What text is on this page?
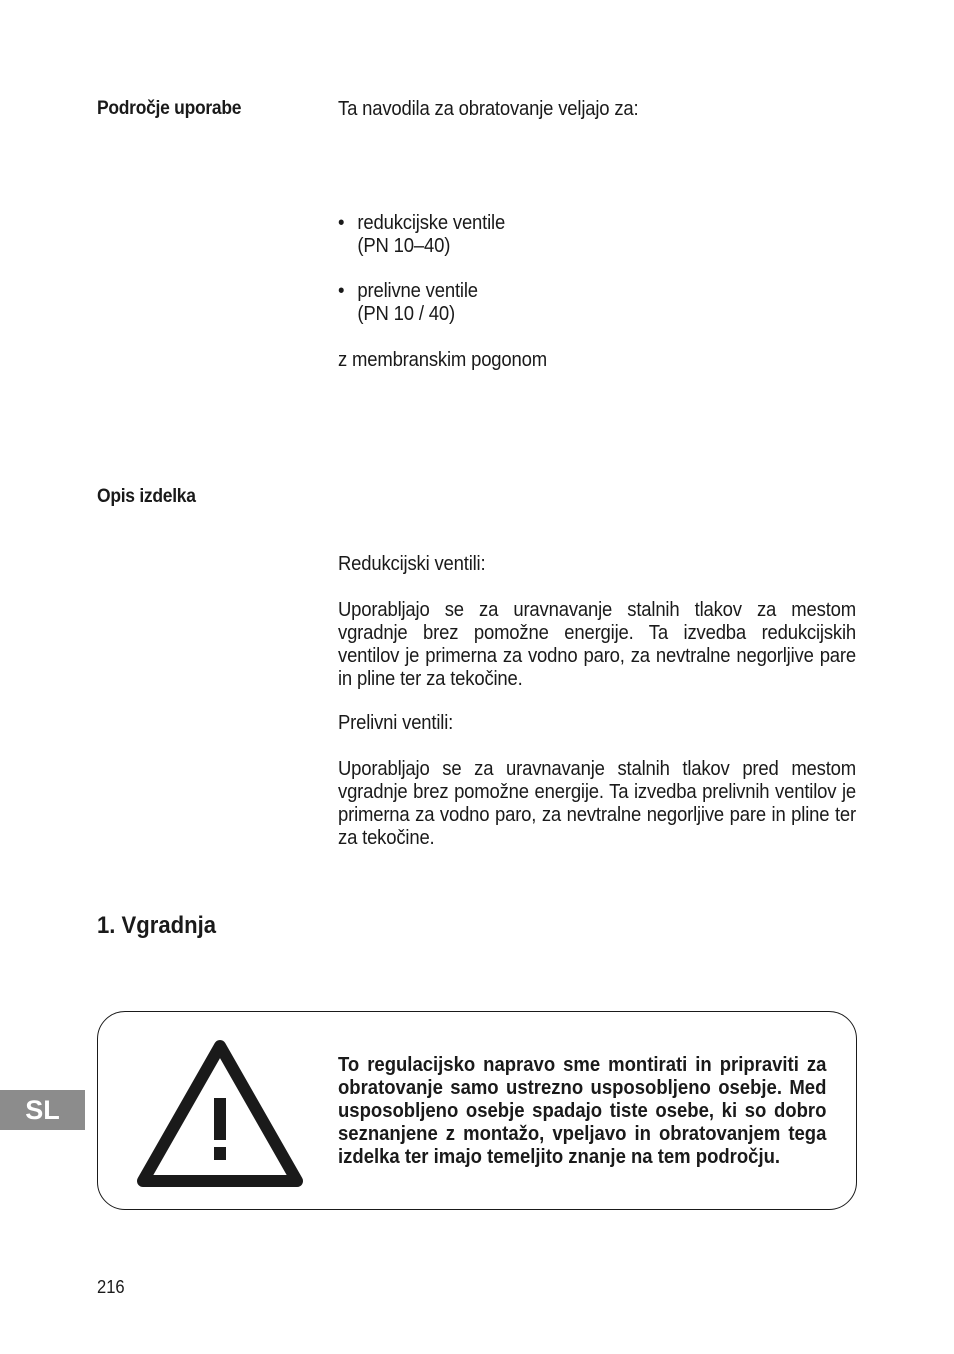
Področje uporabe	Ta navodila za obratovanje veljajo za:
• redukcijske ventile
(PN 10–40)
• prelivne ventile
(PN 10 / 40)
z membranskim pogonom
Opis izdelka
Redukcijski ventili:
Uporabljajo se za uravnavanje stalnih tlakov za mestom vgradnje brez pomožne energije. Ta izvedba redukcijskih ventilov je primerna za vodno paro, za nevtralne negorljive pare in pline ter za tekočine.
Prelivni ventili:
Uporabljajo se za uravnavanje stalnih tlakov pred mestom vgradnje brez pomožne energije. Ta izvedba prelivnih ventilov je primerna za vodno paro, za nevtralne negorljive pare in pline ter za tekočine.
1. Vgradnja
To regulacijsko napravo sme montirati in pripraviti za obratovanje samo ustrezno usposobljeno osebje. Med usposobljeno osebje spadajo tiste osebe, ki so dobro seznanjene z montažo, vpeljavo in obratovanjem tega izdelka ter imajo temeljito znanje na tem področju.
SL
216
